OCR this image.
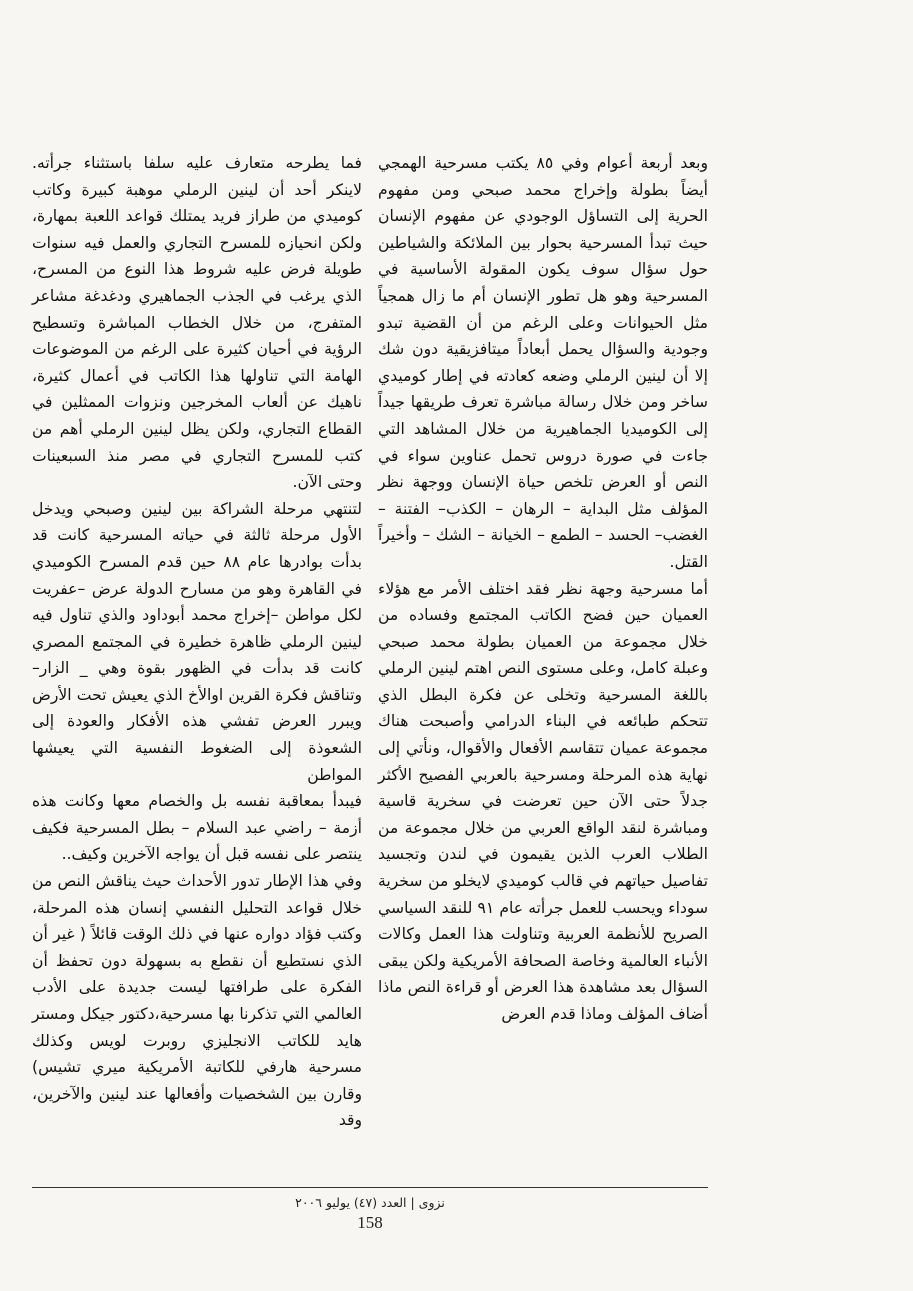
وبعد أربعة أعوام وفي ٨٥ يكتب مسرحية الهمجي أيضاً بطولة وإخراج محمد صبحي ومن مفهوم الحرية إلى التساؤل الوجودي عن مفهوم الإنسان حيث تبدأ المسرحية بحوار بين الملائكة والشياطين حول سؤال سوف يكون المقولة الأساسية في المسرحية وهو هل تطور الإنسان أم ما زال همجياً مثل الحيوانات وعلى الرغم من أن القضية تبدو وجودية والسؤال يحمل أبعاداً ميتافزيقية دون شك إلا أن لينين الرملي وضعه كعادته في إطار كوميدي ساخر ومن خلال رسالة مباشرة تعرف طريقها جيداً إلى الكوميديا الجماهيرية من خلال المشاهد التي جاءت في صورة دروس تحمل عناوين سواء في النص أو العرض تلخص حياة الإنسان ووجهة نظر المؤلف مثل البداية – الرهان – الكذب– الفتنة – الغضب– الحسد – الطمع – الخيانة – الشك – وأخيراً القتل.

أما مسرحية وجهة نظر فقد اختلف الأمر مع هؤلاء العميان حين فضح الكاتب المجتمع وفساده من خلال مجموعة من العميان بطولة محمد صبحي وعبلة كامل، وعلى مستوى النص اهتم لينين الرملي باللغة المسرحية وتخلى عن فكرة البطل الذي تتحكم طبائعه في البناء الدرامي وأصبحت هناك مجموعة عميان تتقاسم الأفعال والأقوال، ونأتي إلى نهاية هذه المرحلة ومسرحية بالعربي الفصيح الأكثر جدلاً حتى الآن حين تعرضت في سخرية قاسية ومباشرة لنقد الواقع العربي من خلال مجموعة من الطلاب العرب الذين يقيمون في لندن وتجسيد تفاصيل حياتهم في قالب كوميدي لايخلو من سخرية سوداء ويحسب للعمل جرأته عام ٩١ للنقد السياسي الصريح للأنظمة العربية وتناولت هذا العمل وكالات الأنباء العالمية وخاصة الصحافة الأمريكية ولكن يبقى السؤال بعد مشاهدة هذا العرض أو قراءة النص ماذا أضاف المؤلف وماذا قدم العرض

فما يطرحه متعارف عليه سلفا باستثناء جرأته. لاينكر أحد أن لينين الرملي موهبة كبيرة وكاتب كوميدي من طراز فريد يمتلك قواعد اللعبة بمهارة، ولكن انحيازه للمسرح التجاري والعمل فيه سنوات طويلة فرض عليه شروط هذا النوع من المسرح، الذي يرغب في الجذب الجماهيري ودغدغة مشاعر المتفرج، من خلال الخطاب المباشرة وتسطيح الرؤية في أحيان كثيرة على الرغم من الموضوعات الهامة التي تناولها هذا الكاتب في أعمال كثيرة، ناهيك عن ألعاب المخرجين ونزوات الممثلين في القطاع التجاري، ولكن يظل لينين الرملي أهم من كتب للمسرح التجاري في مصر منذ السبعينات وحتى الآن.

لتنتهي مرحلة الشراكة بين لينين وصبحي ويدخل الأول مرحلة ثالثة في حياته المسرحية كانت قد بدأت بوادرها عام ٨٨ حين قدم المسرح الكوميدي في القاهرة وهو من مسارح الدولة عرض –عفريت لكل مواطن –إخراج محمد أبوداود والذي تناول فيه لينين الرملي ظاهرة خطيرة في المجتمع المصري كانت قد بدأت في الظهور بقوة وهي _ الزار– وتناقش فكرة القرين اوالأخ الذي يعيش تحت الأرض ويبرر العرض تفشي هذه الأفكار والعودة إلى الشعوذة إلى الضغوط النفسية التي يعيشها المواطن

فيبدأ بمعاقبة نفسه بل والخصام معها وكانت هذه أزمة – راضي عبد السلام – بطل المسرحية فكيف ينتصر على نفسه قبل أن يواجه الآخرين وكيف..

وفي هذا الإطار تدور الأحداث حيث يناقش النص من خلال قواعد التحليل النفسي إنسان هذه المرحلة، وكتب فؤاد دواره عنها في ذلك الوقت قائلاً ( غير أن الذي نستطيع أن نقطع به بسهولة دون تحفظ أن الفكرة على طرافتها ليست جديدة على الأدب العالمي التي تذكرنا بها مسرحية،دكتور جيكل ومستر هايد للكاتب الانجليزي روبرت لويس وكذلك مسرحية هارفي للكاتبة الأمريكية ميري تشيس) وقارن بين الشخصيات وأفعالها عند لينين والآخرين، وقد

نزوى | العدد (٤٧) يوليو ٢٠٠٦
158
